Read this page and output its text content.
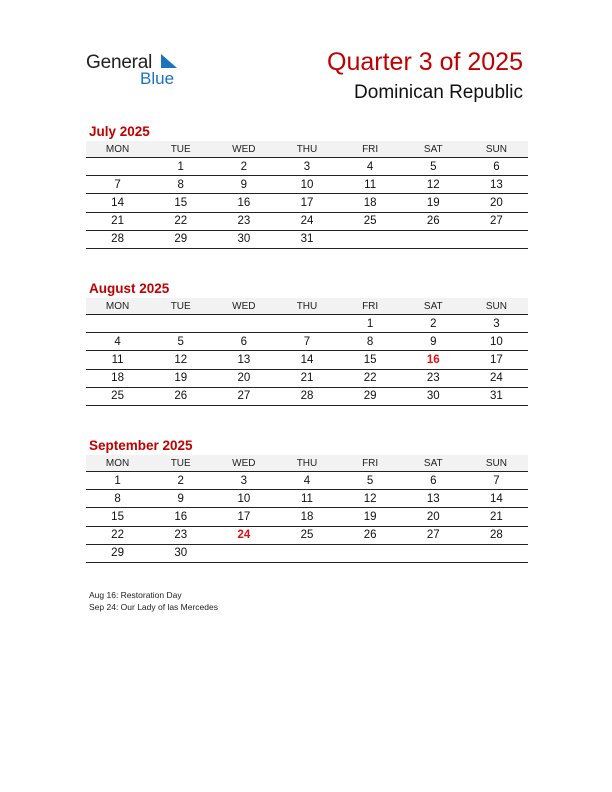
General
Blue
Quarter 3 of 2025
Dominican Republic
July 2025
MON	TUE	WED	THU	FRI	SAT	SUN
	1	2	3	4	5	6
7	8	9	10	11	12	13
14	15	16	17	18	19	20
21	22	23	24	25	26	27
28	29	30	31			
August 2025
MON	TUE	WED	THU	FRI	SAT	SUN
				1	2	3
4	5	6	7	8	9	10
11	12	13	14	15	16	17
18	19	20	21	22	23	24
25	26	27	28	29	30	31
September 2025
MON	TUE	WED	THU	FRI	SAT	SUN
1	2	3	4	5	6	7
8	9	10	11	12	13	14
15	16	17	18	19	20	21
22	23	24	25	26	27	28
29	30					
Aug 16: Restoration Day
Sep 24: Our Lady of las Mercedes
